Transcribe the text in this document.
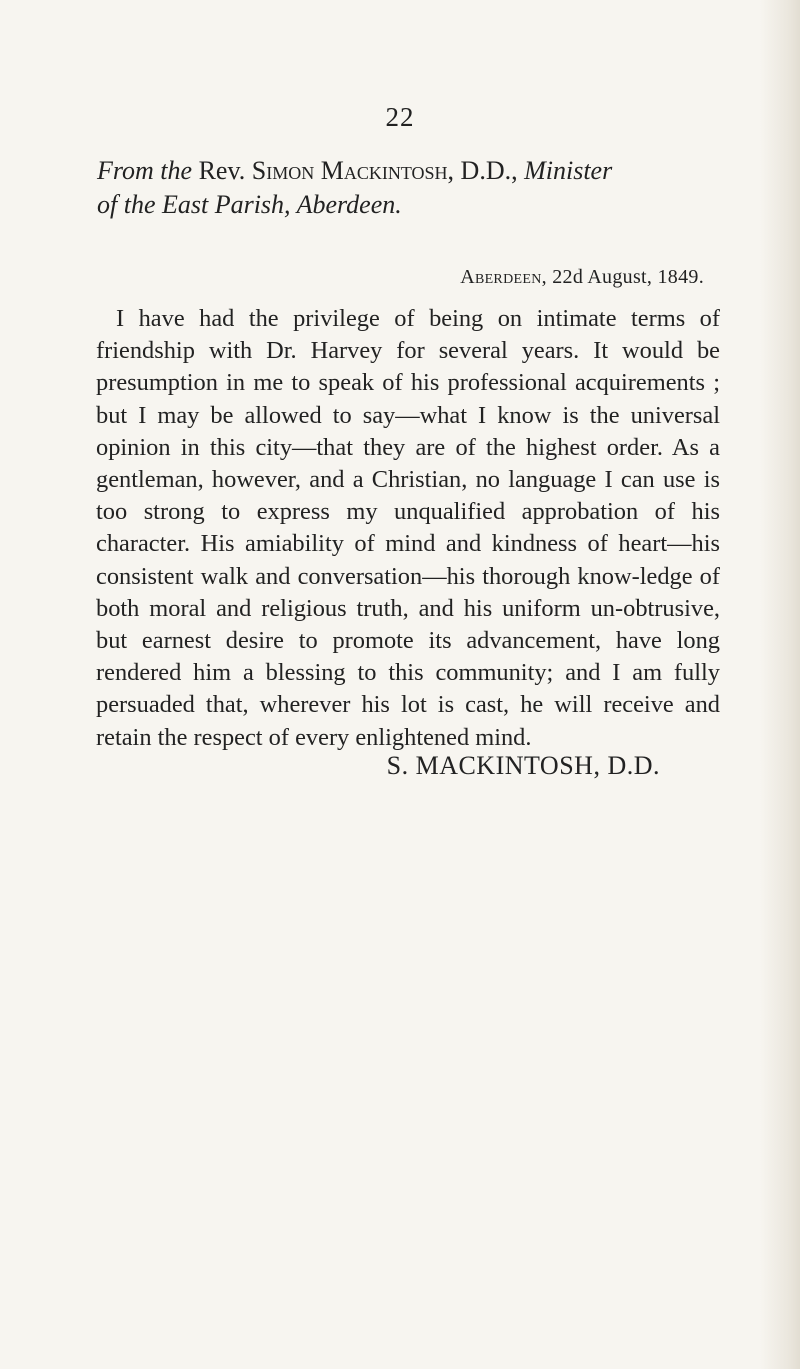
22
From the Rev. Simon Mackintosh, D.D., Minister
of the East Parish, Aberdeen.
Aberdeen, 22d August, 1849.
I have had the privilege of being on intimate terms of friendship with Dr. Harvey for several years. It would be presumption in me to speak of his professional acquirements ; but I may be allowed to say—what I know is the universal opinion in this city—that they are of the highest order. As a gentleman, however, and a Christian, no language I can use is too strong to express my unqualified approbation of his character. His amiability of mind and kindness of heart—his consistent walk and conversation—his thorough know-ledge of both moral and religious truth, and his uniform un-obtrusive, but earnest desire to promote its advancement, have long rendered him a blessing to this community; and I am fully persuaded that, wherever his lot is cast, he will receive and retain the respect of every enlightened mind.
S. MACKINTOSH, D.D.
